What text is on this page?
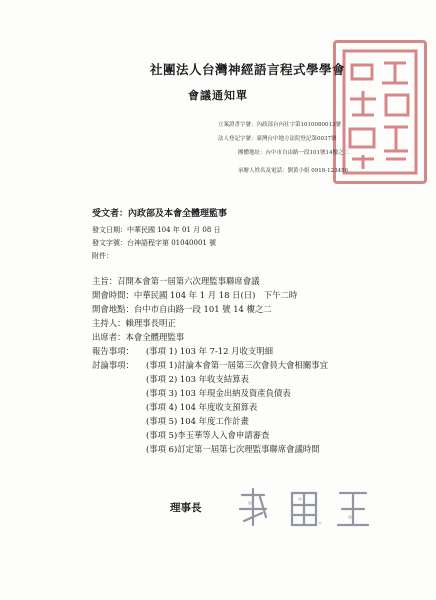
社團法人台灣神經語言程式學學會
會議通知單
立案證書字號：內政部台內社字第1010080013號
法人登記字號：臺灣台中地方法院登記第0037號
團體地址：台中市自由路一段101號14樓之二
承辦人姓名及電話：劉黃小姐 0918-123456
受文者：內政部及本會全體理監事
發文日期：中華民國 104 年 01 月 08 日
發文字號：台神語程字第 01040001 號
附件：
主旨：召開本會第一屆第六次理監事聯席會議
開會時間：中華民國 104 年 1 月 18 日(日)　下午二時
開會地點：台中市自由路一段 101 號 14 樓之二
主持人：賴理事長明正
出席者：本會全體理監事
報告事項： (事項 1) 103 年 7-12 月收支明細
討論事項： (事項 1)討論本會第一屆第三次會員大會相關事宜
(事項 2) 103 年收支結算表
(事項 3) 103 年現金出納及資產負債表
(事項 4) 104 年度收支預算表
(事項 5) 104 年度工作計畫
(事項 5)李玉華等人入會申請審查
(事項 6)訂定第一屆第七次理監事聯席會議時間
理事長
